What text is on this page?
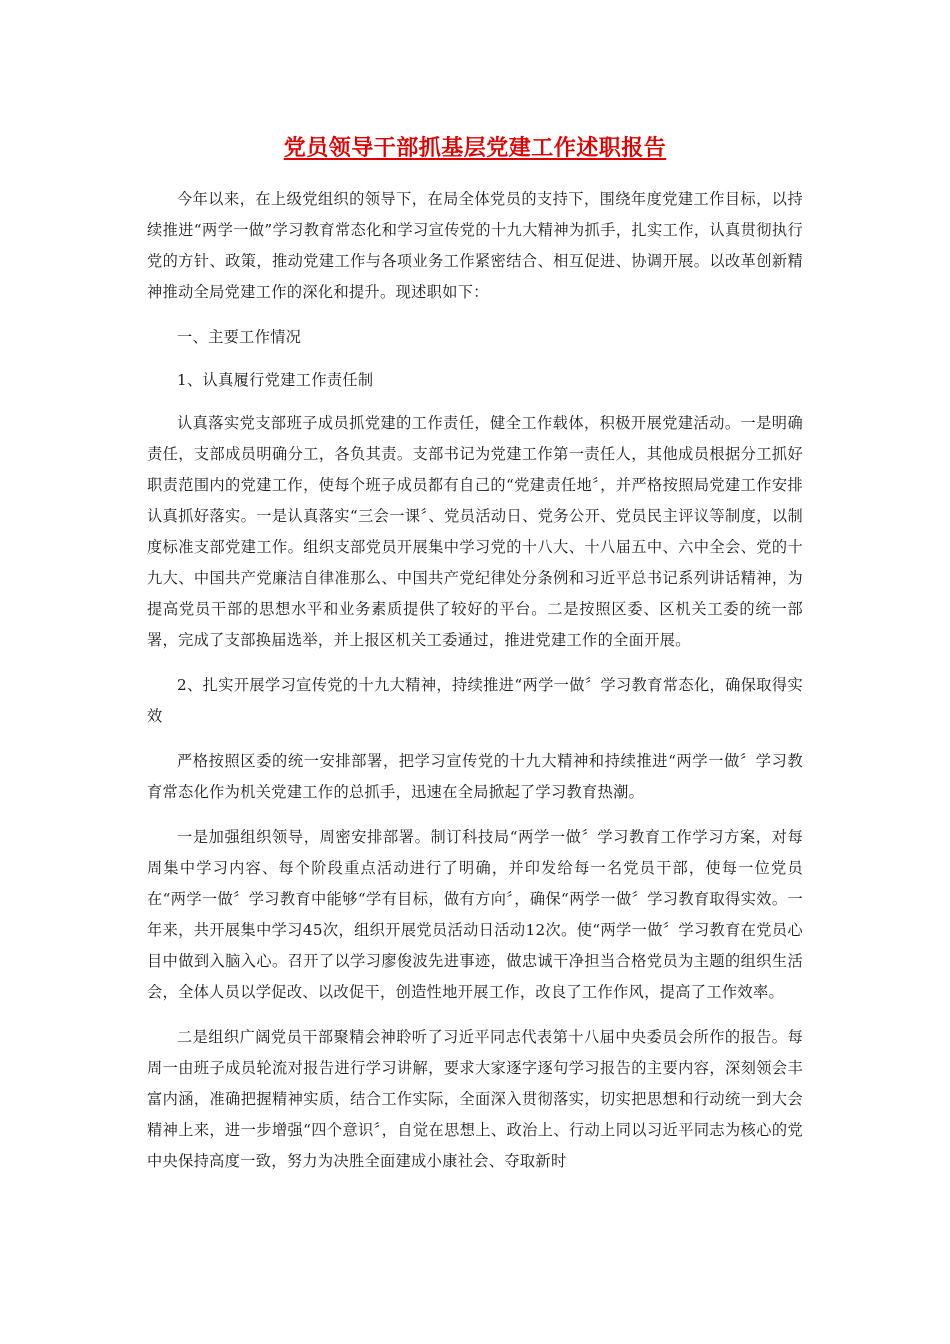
党员领导干部抓基层党建工作述职报告

今年以来，在上级党组织的领导下，在局全体党员的支持下，围绕年度党建工作目标，以持续推进“两学一做”学习教育常态化和学习宣传党的十九大精神为抓手，扎实工作，认真贯彻执行党的方针、政策，推动党建工作与各项业务工作紧密结合、相互促进、协调开展。以改革创新精神推动全局党建工作的深化和提升。现述职如下：

一、主要工作情况

1、认真履行党建工作责任制

认真落实党支部班子成员抓党建的工作责任，健全工作载体，积极开展党建活动。一是明确责任，支部成员明确分工，各负其责。支部书记为党建工作第一责任人，其他成员根据分工抓好职责范围内的党建工作，使每个班子成员都有自己的“党建责任地〞，并严格按照局党建工作安排认真抓好落实。一是认真落实“三会一课〞、党员活动日、党务公开、党员民主评议等制度，以制度标准支部党建工作。组织支部党员开展集中学习党的十八大、十八届五中、六中全会、党的十九大、中国共产党廉洁自律准那么、中国共产党纪律处分条例和习近平总书记系列讲话精神，为提高党员干部的思想水平和业务素质提供了较好的平台。二是按照区委、区机关工委的统一部署，完成了支部换届选举，并上报区机关工委通过，推进党建工作的全面开展。

2、扎实开展学习宣传党的十九大精神，持续推进“两学一做〞学习教育常态化，确保取得实效

严格按照区委的统一安排部署，把学习宣传党的十九大精神和持续推进“两学一做〞学习教育常态化作为机关党建工作的总抓手，迅速在全局掀起了学习教育热潮。

一是加强组织领导，周密安排部署。制订科技局“两学一做〞学习教育工作学习方案，对每周集中学习内容、每个阶段重点活动进行了明确，并印发给每一名党员干部，使每一位党员在“两学一做〞学习教育中能够“学有目标，做有方向〞，确保“两学一做〞学习教育取得实效。一年来，共开展集中学习45次，组织开展党员活动日活动12次。使“两学一做〞学习教育在党员心目中做到入脑入心。召开了以学习廖俊波先进事迹，做忠诚干净担当合格党员为主题的组织生活会，全体人员以学促改、以改促干，创造性地开展工作，改良了工作作风，提高了工作效率。

二是组织广阔党员干部聚精会神聆听了习近平同志代表第十八届中央委员会所作的报告。每周一由班子成员轮流对报告进行学习讲解，要求大家逐字逐句学习报告的主要内容，深刻领会丰富内涵，准确把握精神实质，结合工作实际，全面深入贯彻落实，切实把思想和行动统一到大会精神上来，进一步增强“四个意识〞，自觉在思想上、政治上、行动上同以习近平同志为核心的党中央保持高度一致，努力为决胜全面建成小康社会、夺取新时
